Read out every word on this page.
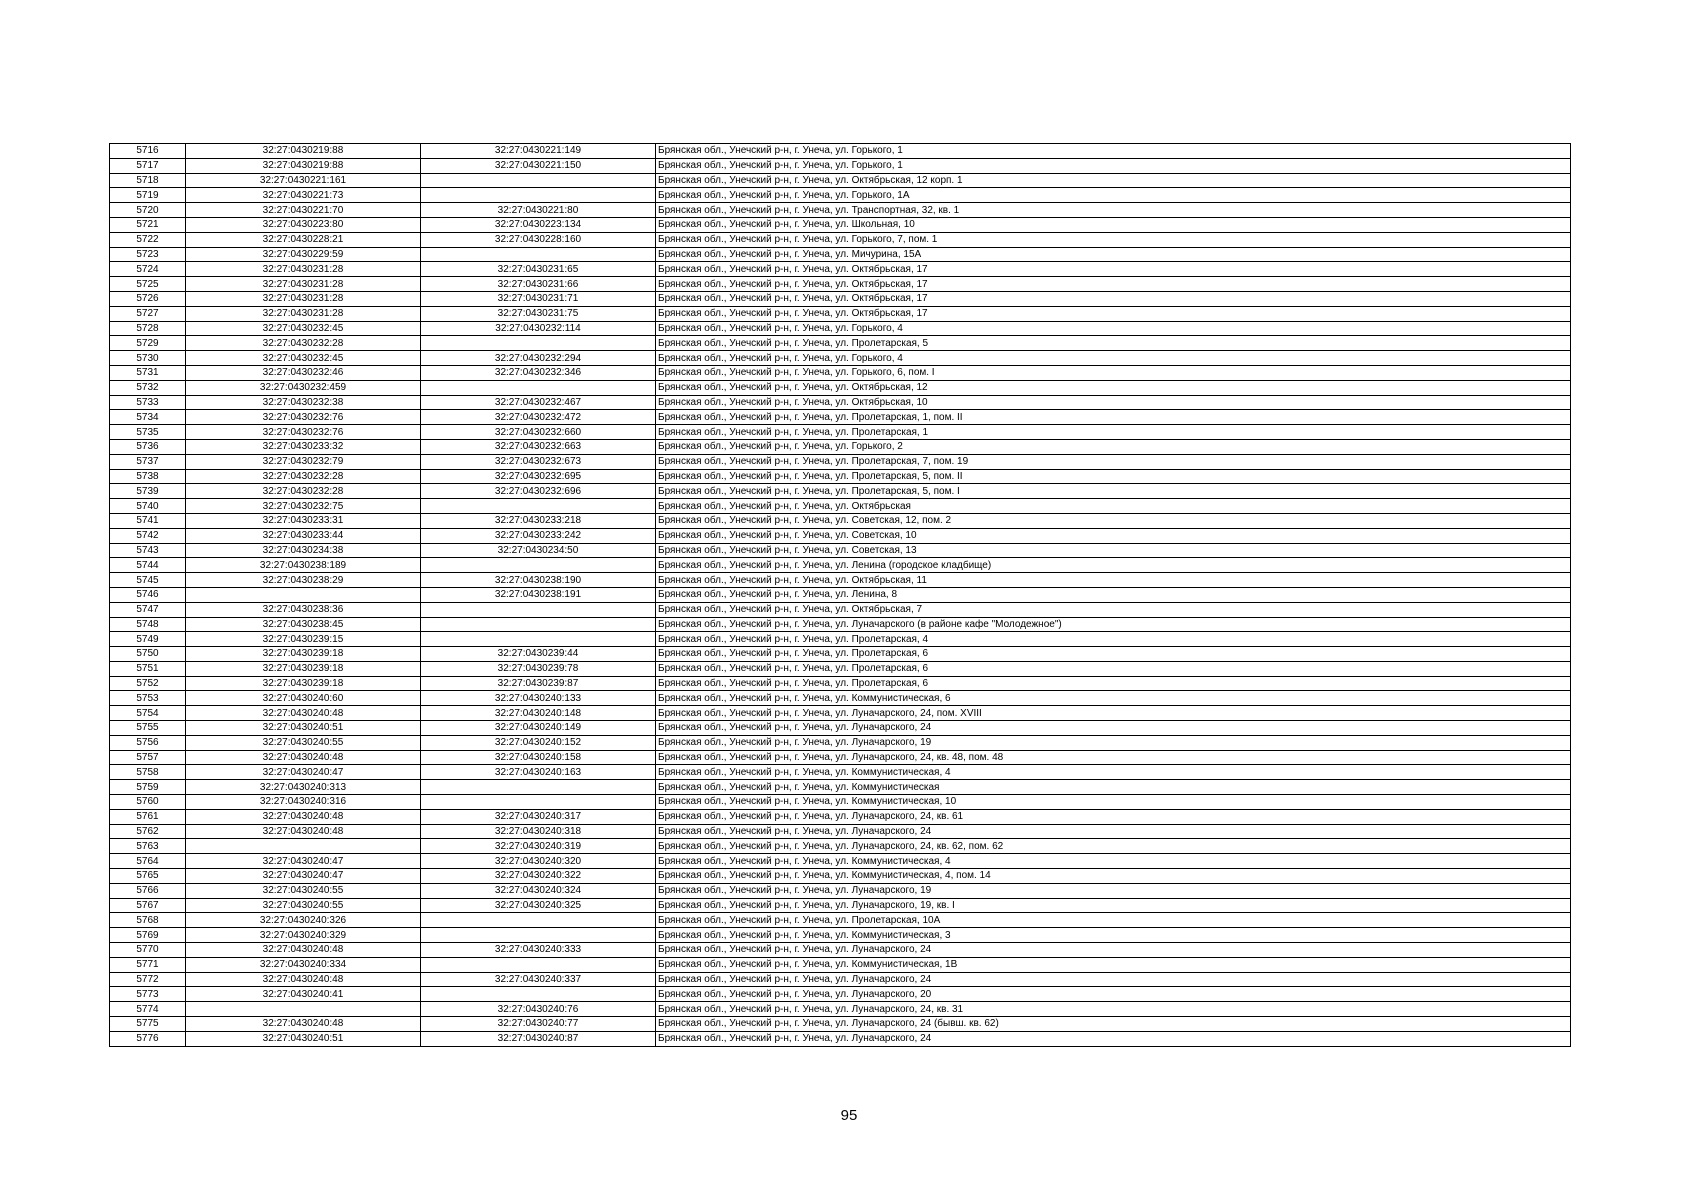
5716	32:27:0430219:88	32:27:0430221:149	Брянская обл., Унечский р-н, г. Унеча, ул. Горького, 1
5717	32:27:0430219:88	32:27:0430221:150	Брянская обл., Унечский р-н, г. Унеча, ул. Горького, 1
5718	32:27:0430221:161		Брянская обл., Унечский р-н, г. Унеча, ул. Октябрьская, 12 корп. 1
5719	32:27:0430221:73		Брянская обл., Унечский р-н, г. Унеча, ул. Горького, 1А
5720	32:27:0430221:70	32:27:0430221:80	Брянская обл., Унечский р-н, г. Унеча, ул. Транспортная, 32, кв. 1
5721	32:27:0430223:80	32:27:0430223:134	Брянская обл., Унечский р-н, г. Унеча, ул. Школьная, 10
5722	32:27:0430228:21	32:27:0430228:160	Брянская обл., Унечский р-н, г. Унеча, ул. Горького, 7, пом. 1
5723	32:27:0430229:59		Брянская обл., Унечский р-н, г. Унеча, ул. Мичурина, 15А
5724	32:27:0430231:28	32:27:0430231:65	Брянская обл., Унечский р-н, г. Унеча, ул. Октябрьская, 17
5725	32:27:0430231:28	32:27:0430231:66	Брянская обл., Унечский р-н, г. Унеча, ул. Октябрьская, 17
5726	32:27:0430231:28	32:27:0430231:71	Брянская обл., Унечский р-н, г. Унеча, ул. Октябрьская, 17
5727	32:27:0430231:28	32:27:0430231:75	Брянская обл., Унечский р-н, г. Унеча, ул. Октябрьская, 17
5728	32:27:0430232:45	32:27:0430232:114	Брянская обл., Унечский р-н, г. Унеча, ул. Горького, 4
5729	32:27:0430232:28		Брянская обл., Унечский р-н, г. Унеча, ул. Пролетарская, 5
5730	32:27:0430232:45	32:27:0430232:294	Брянская обл., Унечский р-н, г. Унеча, ул. Горького, 4
5731	32:27:0430232:46	32:27:0430232:346	Брянская обл., Унечский р-н, г. Унеча, ул. Горького, 6, пом. I
5732	32:27:0430232:459		Брянская обл., Унечский р-н, г. Унеча, ул. Октябрьская, 12
5733	32:27:0430232:38	32:27:0430232:467	Брянская обл., Унечский р-н, г. Унеча, ул. Октябрьская, 10
5734	32:27:0430232:76	32:27:0430232:472	Брянская обл., Унечский р-н, г. Унеча, ул. Пролетарская, 1, пом. II
5735	32:27:0430232:76	32:27:0430232:660	Брянская обл., Унечский р-н, г. Унеча, ул. Пролетарская, 1
5736	32:27:0430233:32	32:27:0430232:663	Брянская обл., Унечский р-н, г. Унеча, ул. Горького, 2
5737	32:27:0430232:79	32:27:0430232:673	Брянская обл., Унечский р-н, г. Унеча, ул. Пролетарская, 7, пом. 19
5738	32:27:0430232:28	32:27:0430232:695	Брянская обл., Унечский р-н, г. Унеча, ул. Пролетарская, 5, пом. II
5739	32:27:0430232:28	32:27:0430232:696	Брянская обл., Унечский р-н, г. Унеча, ул. Пролетарская, 5, пом. I
5740	32:27:0430232:75		Брянская обл., Унечский р-н, г. Унеча, ул. Октябрьская
5741	32:27:0430233:31	32:27:0430233:218	Брянская обл., Унечский р-н, г. Унеча, ул. Советская, 12, пом. 2
5742	32:27:0430233:44	32:27:0430233:242	Брянская обл., Унечский р-н, г. Унеча, ул. Советская, 10
5743	32:27:0430234:38	32:27:0430234:50	Брянская обл., Унечский р-н, г. Унеча, ул. Советская, 13
5744	32:27:0430238:189		Брянская обл., Унечский р-н, г. Унеча, ул. Ленина (городское кладбище)
5745	32:27:0430238:29	32:27:0430238:190	Брянская обл., Унечский р-н, г. Унеча, ул. Октябрьская, 11
5746		32:27:0430238:191	Брянская обл., Унечский р-н, г. Унеча, ул. Ленина, 8
5747	32:27:0430238:36		Брянская обл., Унечский р-н, г. Унеча, ул. Октябрьская, 7
5748	32:27:0430238:45		Брянская обл., Унечский р-н, г. Унеча, ул. Луначарского (в районе кафе "Молодежное")
5749	32:27:0430239:15		Брянская обл., Унечский р-н, г. Унеча, ул. Пролетарская, 4
5750	32:27:0430239:18	32:27:0430239:44	Брянская обл., Унечский р-н, г. Унеча, ул. Пролетарская, 6
5751	32:27:0430239:18	32:27:0430239:78	Брянская обл., Унечский р-н, г. Унеча, ул. Пролетарская, 6
5752	32:27:0430239:18	32:27:0430239:87	Брянская обл., Унечский р-н, г. Унеча, ул. Пролетарская, 6
5753	32:27:0430240:60	32:27:0430240:133	Брянская обл., Унечский р-н, г. Унеча, ул. Коммунистическая, 6
5754	32:27:0430240:48	32:27:0430240:148	Брянская обл., Унечский р-н, г. Унеча, ул. Луначарского, 24, пом. XVIII
5755	32:27:0430240:51	32:27:0430240:149	Брянская обл., Унечский р-н, г. Унеча, ул. Луначарского, 24
5756	32:27:0430240:55	32:27:0430240:152	Брянская обл., Унечский р-н, г. Унеча, ул. Луначарского, 19
5757	32:27:0430240:48	32:27:0430240:158	Брянская обл., Унечский р-н, г. Унеча, ул. Луначарского, 24, кв. 48, пом. 48
5758	32:27:0430240:47	32:27:0430240:163	Брянская обл., Унечский р-н, г. Унеча, ул. Коммунистическая, 4
5759	32:27:0430240:313		Брянская обл., Унечский р-н, г. Унеча, ул. Коммунистическая
5760	32:27:0430240:316		Брянская обл., Унечский р-н, г. Унеча, ул. Коммунистическая, 10
5761	32:27:0430240:48	32:27:0430240:317	Брянская обл., Унечский р-н, г. Унеча, ул. Луначарского, 24, кв. 61
5762	32:27:0430240:48	32:27:0430240:318	Брянская обл., Унечский р-н, г. Унеча, ул. Луначарского, 24
5763		32:27:0430240:319	Брянская обл., Унечский р-н, г. Унеча, ул. Луначарского, 24, кв. 62, пом. 62
5764	32:27:0430240:47	32:27:0430240:320	Брянская обл., Унечский р-н, г. Унеча, ул. Коммунистическая, 4
5765	32:27:0430240:47	32:27:0430240:322	Брянская обл., Унечский р-н, г. Унеча, ул. Коммунистическая, 4, пом. 14
5766	32:27:0430240:55	32:27:0430240:324	Брянская обл., Унечский р-н, г. Унеча, ул. Луначарского, 19
5767	32:27:0430240:55	32:27:0430240:325	Брянская обл., Унечский р-н, г. Унеча, ул. Луначарского, 19, кв. I
5768	32:27:0430240:326		Брянская обл., Унечский р-н, г. Унеча, ул. Пролетарская, 10А
5769	32:27:0430240:329		Брянская обл., Унечский р-н, г. Унеча, ул. Коммунистическая, 3
5770	32:27:0430240:48	32:27:0430240:333	Брянская обл., Унечский р-н, г. Унеча, ул. Луначарского, 24
5771	32:27:0430240:334		Брянская обл., Унечский р-н, г. Унеча, ул. Коммунистическая, 1В
5772	32:27:0430240:48	32:27:0430240:337	Брянская обл., Унечский р-н, г. Унеча, ул. Луначарского, 24
5773	32:27:0430240:41		Брянская обл., Унечский р-н, г. Унеча, ул. Луначарского, 20
5774		32:27:0430240:76	Брянская обл., Унечский р-н, г. Унеча, ул. Луначарского, 24, кв. 31
5775	32:27:0430240:48	32:27:0430240:77	Брянская обл., Унечский р-н, г. Унеча, ул. Луначарского, 24 (бывш. кв. 62)
5776	32:27:0430240:51	32:27:0430240:87	Брянская обл., Унечский р-н, г. Унеча, ул. Луначарского, 24
95
